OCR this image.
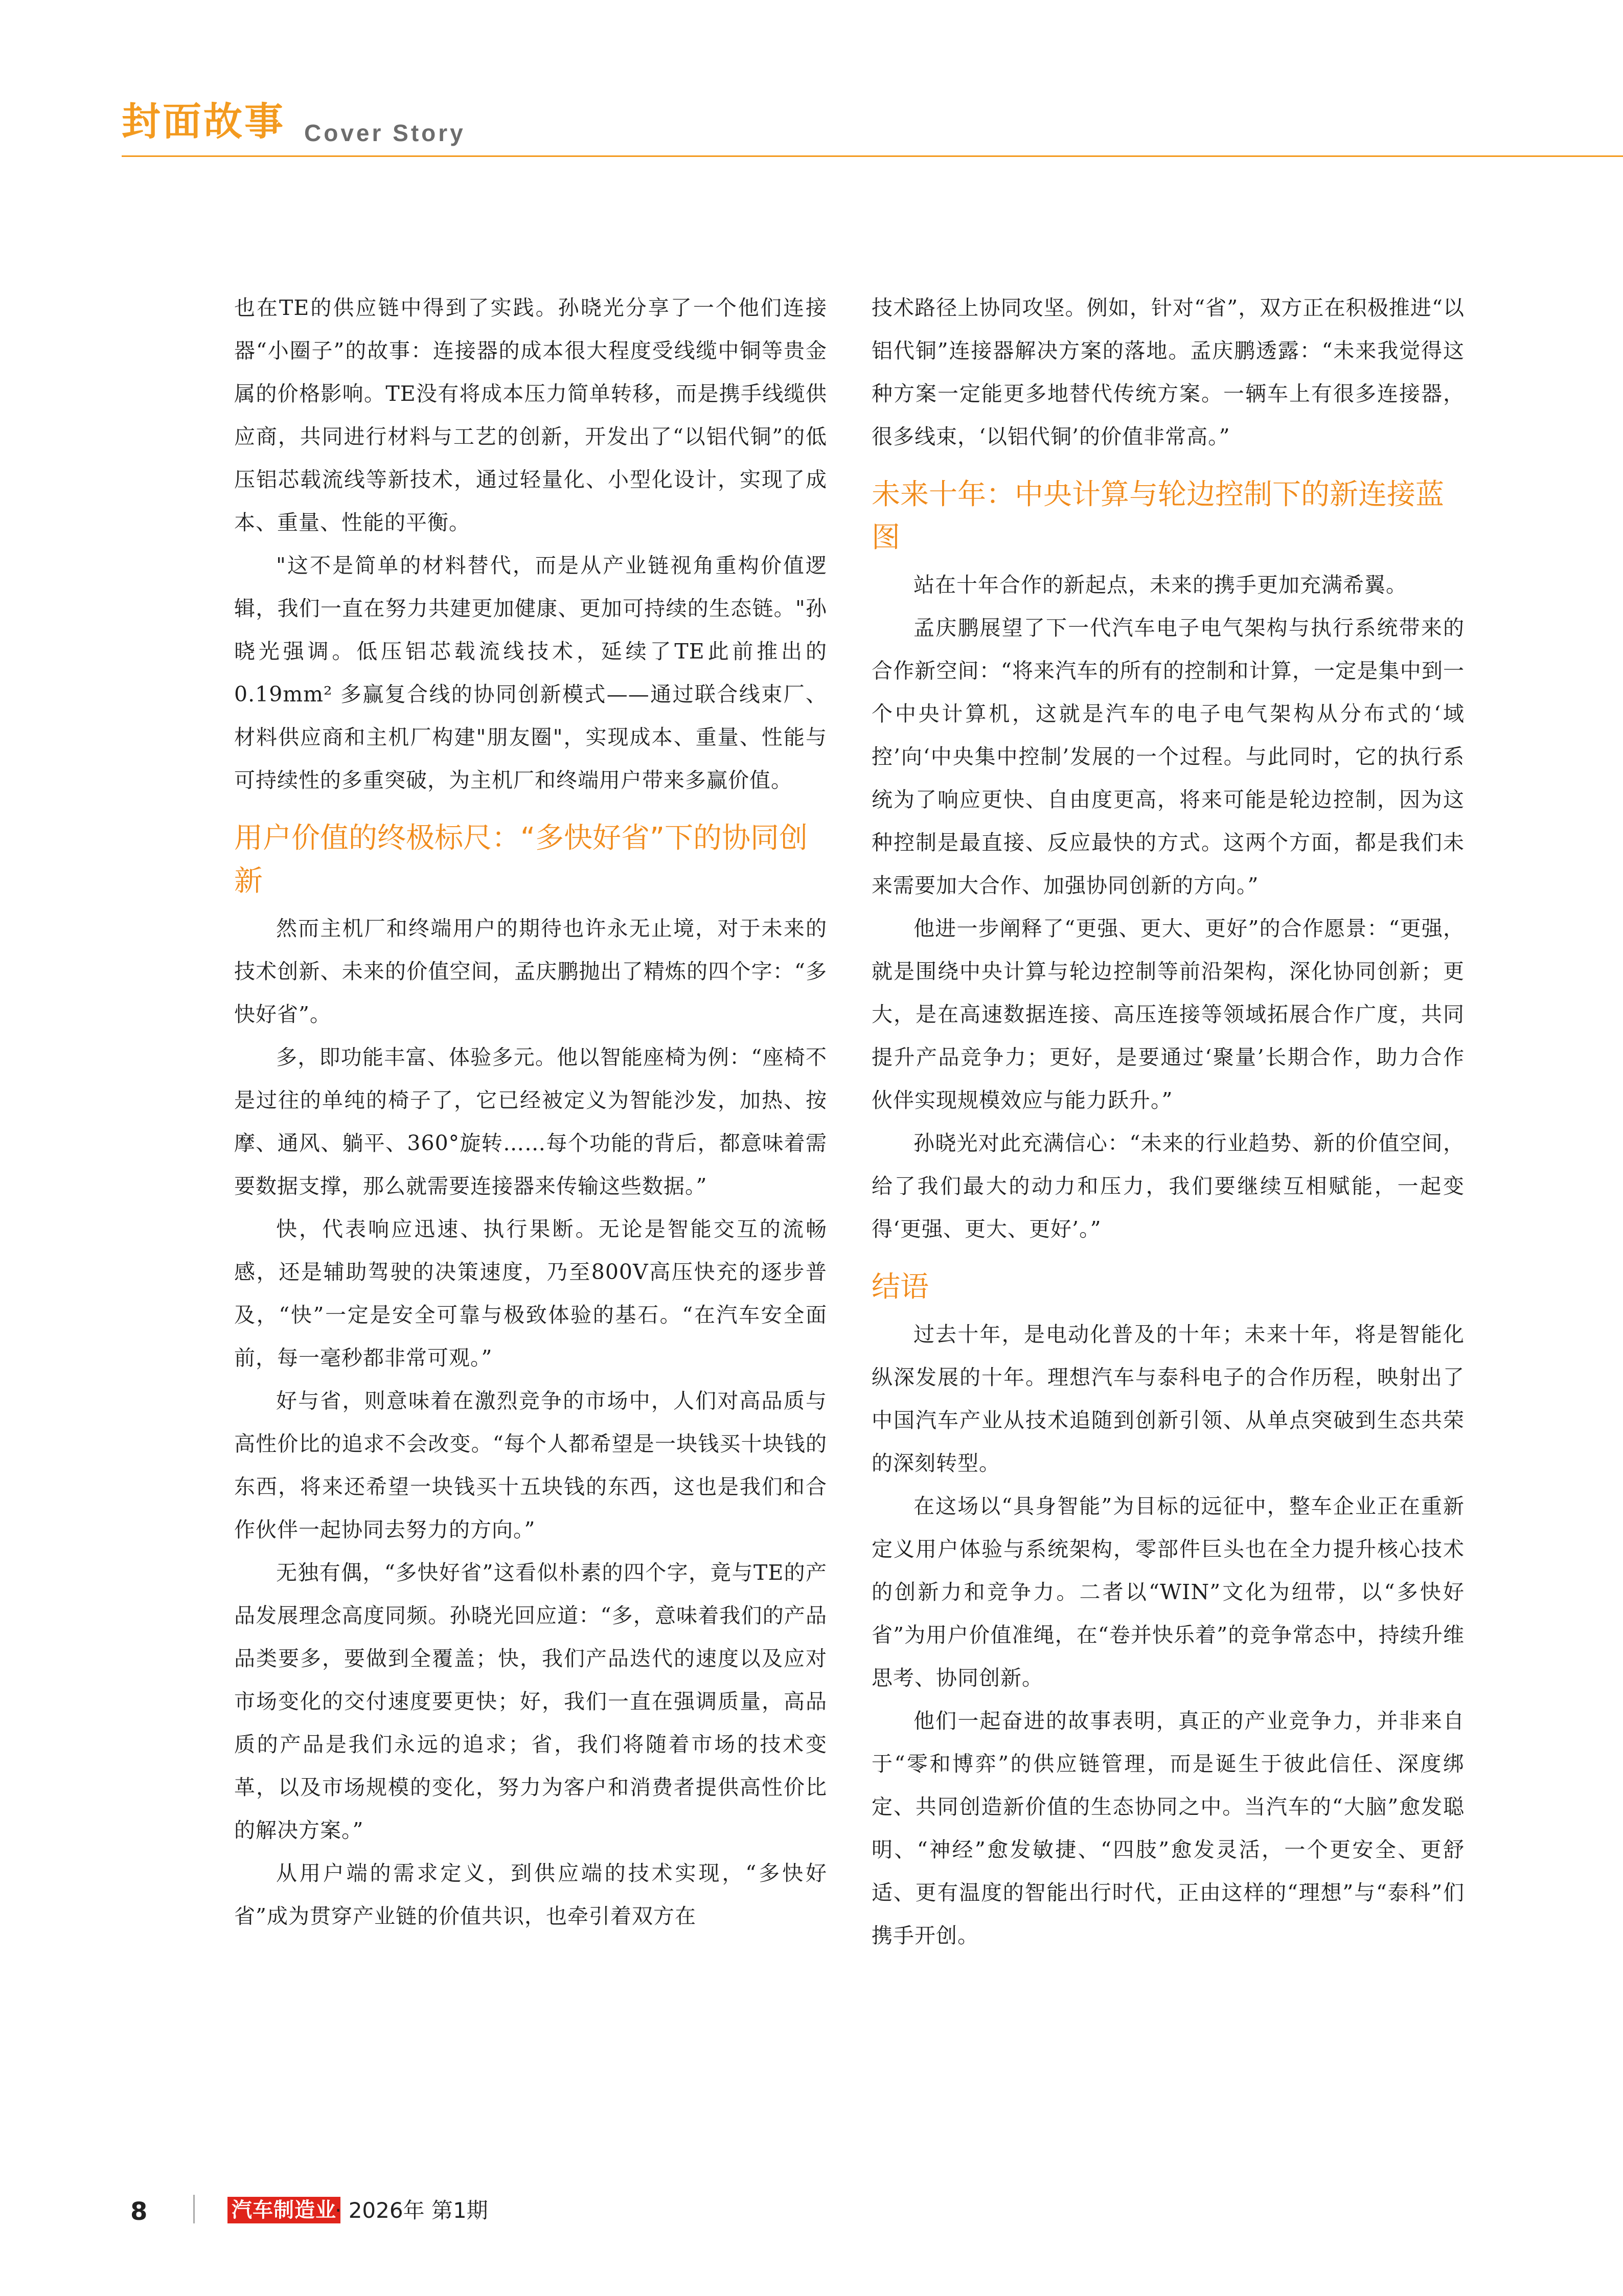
封面故事 Cover Story

也在TE的供应链中得到了实践。孙晓光分享了一个他们连接器“小圈子”的故事：连接器的成本很大程度受线缆中铜等贵金属的价格影响。TE没有将成本压力简单转移，而是携手线缆供应商，共同进行材料与工艺的创新，开发出了“以铝代铜”的低压铝芯载流线等新技术，通过轻量化、小型化设计，实现了成本、重量、性能的平衡。

"这不是简单的材料替代，而是从产业链视角重构价值逻辑，我们一直在努力共建更加健康、更加可持续的生态链。"孙晓光强调。低压铝芯载流线技术，延续了TE此前推出的0.19mm² 多赢复合线的协同创新模式——通过联合线束厂、材料供应商和主机厂构建"朋友圈"，实现成本、重量、性能与可持续性的多重突破，为主机厂和终端用户带来多赢价值。

用户价值的终极标尺：“多快好省”下的协同创新

然而主机厂和终端用户的期待也许永无止境，对于未来的技术创新、未来的价值空间，孟庆鹏抛出了精炼的四个字：“多快好省”。

多，即功能丰富、体验多元。他以智能座椅为例：“座椅不是过往的单纯的椅子了，它已经被定义为智能沙发，加热、按摩、通风、躺平、360°旋转……每个功能的背后，都意味着需要数据支撑，那么就需要连接器来传输这些数据。”

快，代表响应迅速、执行果断。无论是智能交互的流畅感，还是辅助驾驶的决策速度，乃至800V高压快充的逐步普及，“快”一定是安全可靠与极致体验的基石。“在汽车安全面前，每一毫秒都非常可观。”

好与省，则意味着在激烈竞争的市场中，人们对高品质与高性价比的追求不会改变。“每个人都希望是一块钱买十块钱的东西，将来还希望一块钱买十五块钱的东西，这也是我们和合作伙伴一起协同去努力的方向。”

无独有偶，“多快好省”这看似朴素的四个字，竟与TE的产品发展理念高度同频。孙晓光回应道：“多，意味着我们的产品品类要多，要做到全覆盖；快，我们产品迭代的速度以及应对市场变化的交付速度要更快；好，我们一直在强调质量，高品质的产品是我们永远的追求；省，我们将随着市场的技术变革，以及市场规模的变化，努力为客户和消费者提供高性价比的解决方案。”

从用户端的需求定义，到供应端的技术实现，“多快好省”成为贯穿产业链的价值共识，也牵引着双方在

技术路径上协同攻坚。例如，针对“省”，双方正在积极推进“以铝代铜”连接器解决方案的落地。孟庆鹏透露：“未来我觉得这种方案一定能更多地替代传统方案。一辆车上有很多连接器，很多线束，‘以铝代铜’的价值非常高。”

未来十年：中央计算与轮边控制下的新连接蓝图

站在十年合作的新起点，未来的携手更加充满希翼。

孟庆鹏展望了下一代汽车电子电气架构与执行系统带来的合作新空间：“将来汽车的所有的控制和计算，一定是集中到一个中央计算机，这就是汽车的电子电气架构从分布式的‘域控’向‘中央集中控制’发展的一个过程。与此同时，它的执行系统为了响应更快、自由度更高，将来可能是轮边控制，因为这种控制是最直接、反应最快的方式。这两个方面，都是我们未来需要加大合作、加强协同创新的方向。”

他进一步阐释了“更强、更大、更好”的合作愿景：“更强，就是围绕中央计算与轮边控制等前沿架构，深化协同创新；更大，是在高速数据连接、高压连接等领域拓展合作广度，共同提升产品竞争力；更好，是要通过‘聚量’长期合作，助力合作伙伴实现规模效应与能力跃升。”

孙晓光对此充满信心：“未来的行业趋势、新的价值空间，给了我们最大的动力和压力，我们要继续互相赋能，一起变得‘更强、更大、更好’。”

结语

过去十年，是电动化普及的十年；未来十年，将是智能化纵深发展的十年。理想汽车与泰科电子的合作历程，映射出了中国汽车产业从技术追随到创新引领、从单点突破到生态共荣的深刻转型。

在这场以“具身智能”为目标的远征中，整车企业正在重新定义用户体验与系统架构，零部件巨头也在全力提升核心技术的创新力和竞争力。二者以“WIN”文化为纽带，以“多快好省”为用户价值准绳，在“卷并快乐着”的竞争常态中，持续升维思考、协同创新。

他们一起奋进的故事表明，真正的产业竞争力，并非来自于“零和博弈”的供应链管理，而是诞生于彼此信任、深度绑定、共同创造新价值的生态协同之中。当汽车的“大脑”愈发聪明、“神经”愈发敏捷、“四肢”愈发灵活，一个更安全、更舒适、更有温度的智能出行时代，正由这样的“理想”与“泰科”们携手开创。

8	汽车制造业
· 2026年 第1期
